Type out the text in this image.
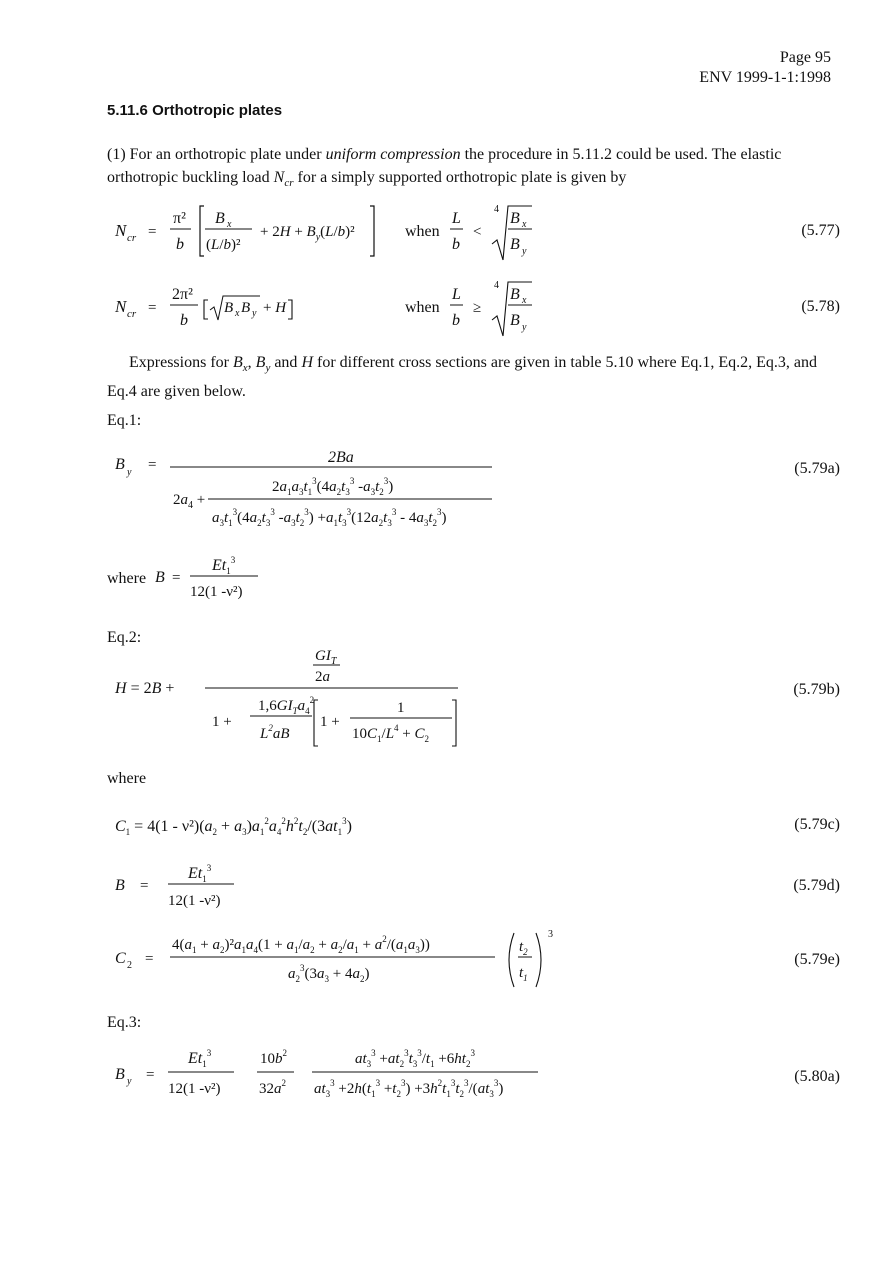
Page 95
ENV 1999-1-1:1998
5.11.6 Orthotropic plates
(1) For an orthotropic plate under uniform compression the procedure in 5.11.2 could be used. The elastic orthotropic buckling load $N_{cr}$ for a simply supported orthotropic plate is given by
N cr =
π²
b
B x
(L/b)²
+ $2H + B_y(L/b)^2$	when
L
b
<
4
B x
B y
(5.77)
N cr =
2π²
b
B x B y + H	when
L
b
≥
4
B x
B y
(5.78)
Expressions for $B_x$, $B_y$ and H for different cross sections are given in table 5.10 where Eq.1, Eq.2, Eq.3, and Eq.4 are given below.
Eq.1:
B y =	2Ba
$2a_4$ +
$2a_1a_3t_1^3(4a_2t_3^3$ $-a_3t_2^3$)
$a_3t_1^3(4a_2t_3^3$ $-a_3t_2^3) +a_1t_3^3(12a_2t_3^3 - 4a_3t_2^3)$
(5.79a)
where B =
$Et_1^3$
12(1 -ν²)
Eq.2:
H = 2B +
$GI_T$
2a
1 +
$1,6GI_Ta_4^2$
$L^2aB$
1 +
1
$10C_1/L^4 + C_2$
(5.79b)
where
$C_1 = 4(1 - \nu^2)(a_2 + a_3)a_1^2a_4^2h^2t_2/(3at_1^3)$	(5.79c)
B =
$Et_1^3$
12(1 -ν²)
(5.79d)
C 2 =
$4(a_1 + a_2)^2a_1a_4(1 + a_1/a_2 + a_2/a_1 + a^2/(a_1a_3))$
$a_2^3(3a_3 + 4a_2)$
$t_2$
$t_1$
3
(5.79e)
Eq.3:
B y =
$Et_1^3$
12(1 -ν²)
$10b^2$
$32a^2$
$at_3^3 +at_2^3t_3^3/t_1 +6ht_2^3$
$at_3^3 +2h(t_1^3 +t_2^3) +3h^2t_1^3t_2^3/(at_3^3)$
(5.80a)
